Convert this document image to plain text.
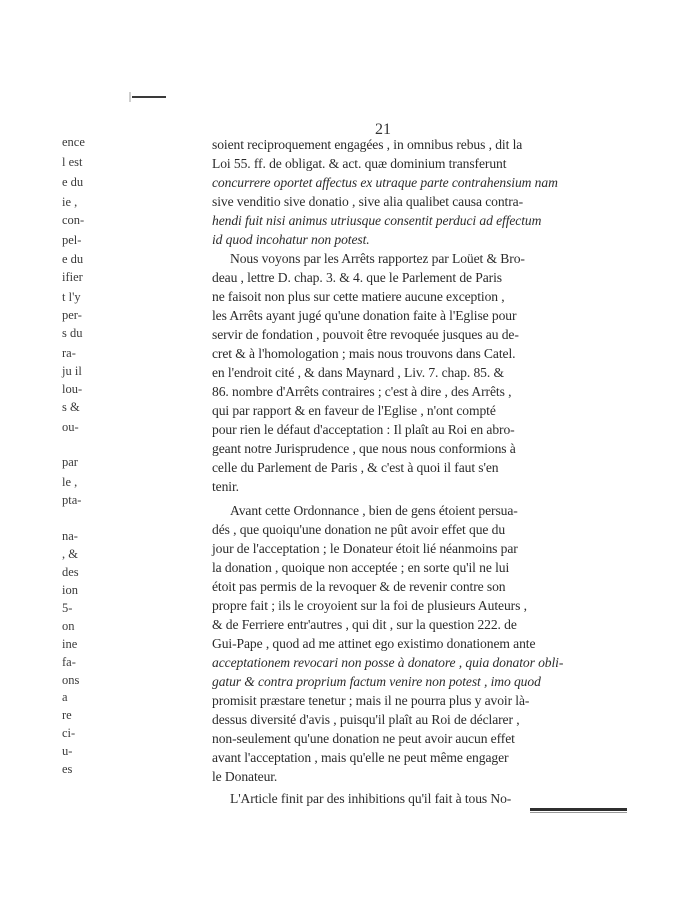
ence
l est
e du
ie ,
con-
pel-
e du
ifier
t l'y
per-
s du
ra-
ju il
lou-
s &
ou-
par
le ,
pta-
na-
, &
des
ion
5-
on
ine
fa-
ons
a
re
ci-
u-
es
21
soient reciproquement engagées , in omnibus rebus , dit la
Loi 55. ff. de obligat. & act. quæ dominium transferunt
concurrere oportet affectus ex utraque parte contrahensium nam
sive venditio sive donatio , sive alia qualibet causa contra-
hendi fuit nisi animus utriusque consentit perduci ad effectum
id quod incohatur non potest.
Nous voyons par les Arrêts rapportez par Loüet & Bro-
deau , lettre D. chap. 3. & 4. que le Parlement de Paris
ne faisoit non plus sur cette matiere aucune exception ,
les Arrêts ayant jugé qu'une donation faite à l'Eglise pour
servir de fondation , pouvoit être revoquée jusques au de-
cret & à l'homologation ; mais nous trouvons dans Catel.
en l'endroit cité , & dans Maynard , Liv. 7. chap. 85. &
86. nombre d'Arrêts contraires ; c'est à dire , des Arrêts ,
qui par rapport & en faveur de l'Eglise , n'ont compté
pour rien le défaut d'acceptation : Il plaît au Roi en abro-
geant notre Jurisprudence , que nous nous conformions à
celle du Parlement de Paris , & c'est à quoi il faut s'en
tenir.
Avant cette Ordonnance , bien de gens étoient persua-
dés , que quoiqu'une donation ne pût avoir effet que du
jour de l'acceptation ; le Donateur étoit lié néanmoins par
la donation , quoique non acceptée ; en sorte qu'il ne lui
étoit pas permis de la revoquer & de revenir contre son
propre fait ; ils le croyoient sur la foi de plusieurs Auteurs ,
& de Ferriere entr'autres , qui dit , sur la question 222. de
Gui-Pape , quod ad me attinet ego existimo donationem ante
acceptationem revocari non posse à donatore , quia donator obli-
gatur & contra proprium factum venire non potest , imo quod
promisit præstare tenetur ; mais il ne pourra plus y avoir là-
dessus diversité d'avis , puisqu'il plaît au Roi de déclarer ,
non-seulement qu'une donation ne peut avoir aucun effet
avant l'acceptation , mais qu'elle ne peut même engager
le Donateur.
L'Article finit par des inhibitions qu'il fait à tous No-
